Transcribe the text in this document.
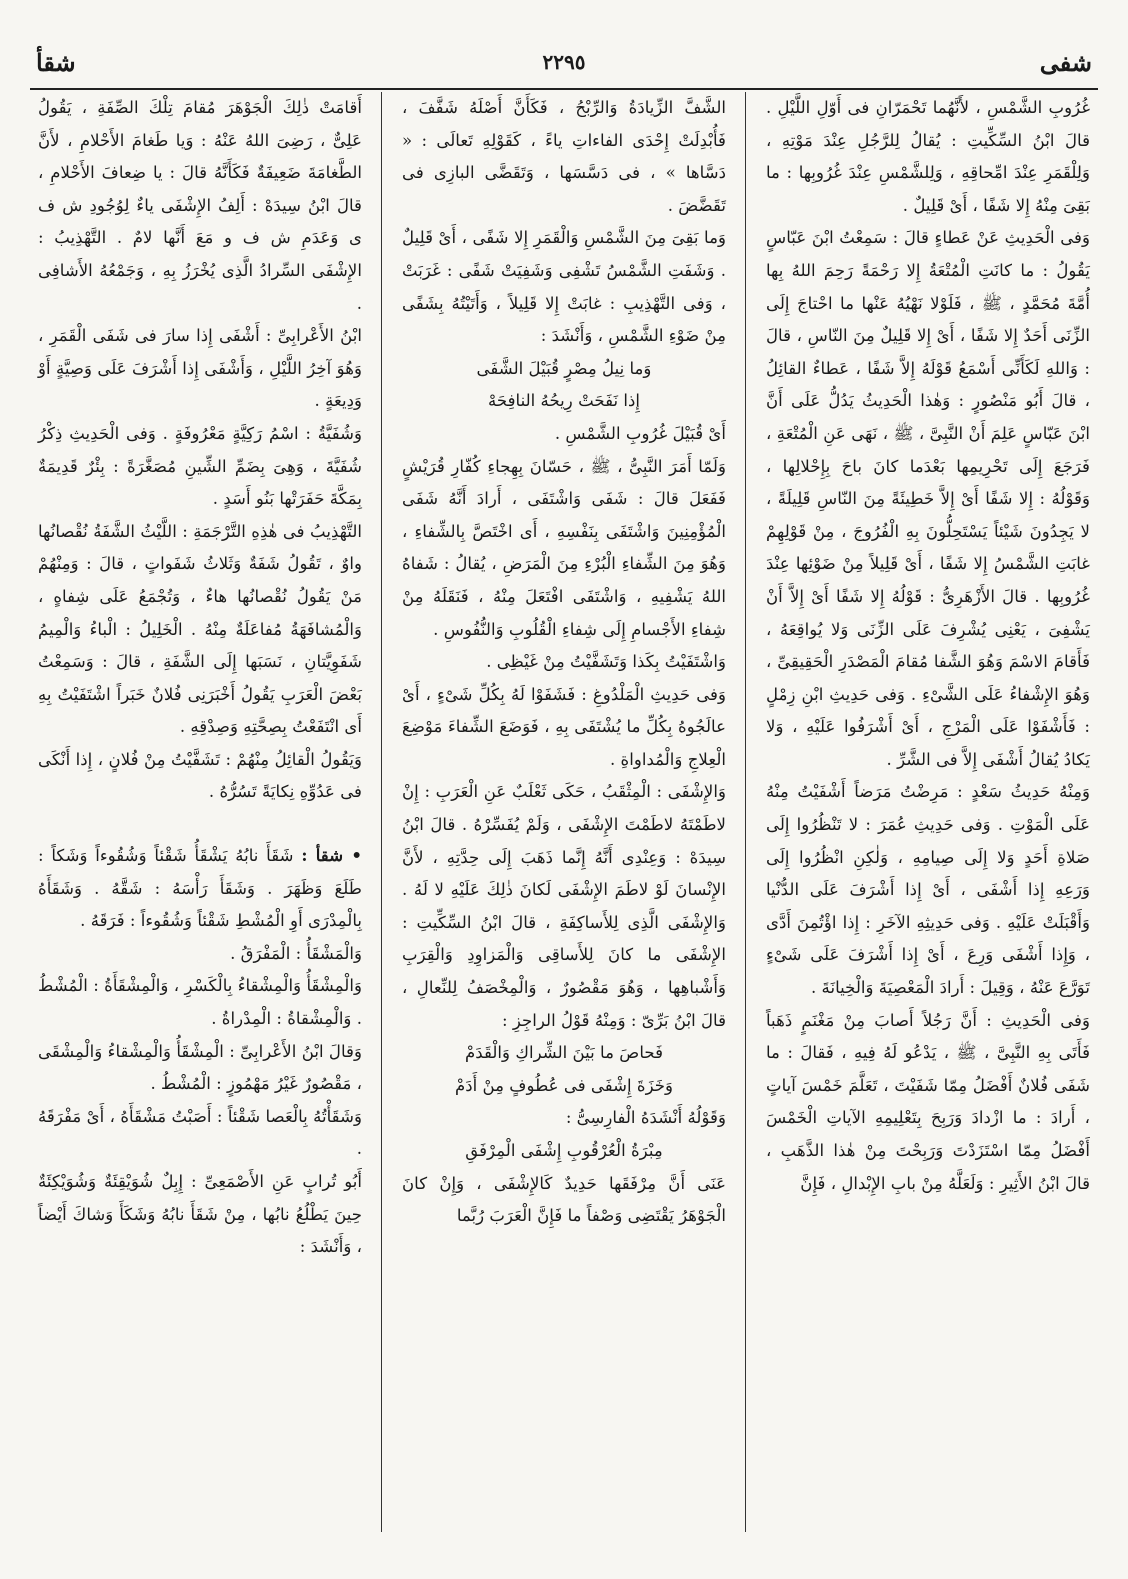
شفى
٢٢٩٥
شقأ

غُرُوبِ الشَّمْسِ ، لأَنَّهُما تَحْمَرّانِ فى أَوّلِ اللَّيْلِ . قالَ ابْنُ السِّكِّيتِ : يُقالُ لِلرَّجُلِ عِنْدَ مَوْتِهِ ، وَلِلْقَمَرِ عِنْدَ امِّحاقِهِ ، وَلِلشَّمْسِ عِنْدَ غُرُوبِها : ما بَقِىَ مِنْهُ إِلا شَفًا ، أَىْ قَلِيلٌ .

وَفى الْحَدِيثِ عَنْ عَطاءٍ قالَ : سَمِعْتُ ابْنَ عَبّاسٍ يَقُولُ : ما كانَتِ الْمُتْعَةُ إِلا رَحْمَةً رَحِمَ اللهُ بِها أُمَّةَ مُحَمَّدٍ ، ﷺ ، فَلَوْلا نَهْيُهُ عَنْها ما احْتاجَ إِلَى الزِّنَى أَحَدٌ إِلا شَفًا ، أَىْ إِلا قَلِيلٌ مِنَ النّاسِ ، قالَ : وَاللهِ لَكَأَنِّى أَسْمَعُ قَوْلَهُ إِلاَّ شَفًا ، عَطاءٌ القائِلُ ، قالَ أَبُو مَنْصُورٍ : وَهٰذا الْحَدِيثُ يَدُلُّ عَلَى أَنَّ ابْنَ عَبّاسٍ عَلِمَ أَنْ النَّبِىَّ ، ﷺ ، نَهَى عَنِ الْمُتْعَةِ ، فَرَجَعَ إِلَى تَحْرِيمِها بَعْدَما كانَ باحَ بِإِحْلالِها ، وَقَوْلُهُ : إِلا شَفًا أَىْ إِلاَّ خَطِيئَةً مِنَ النّاسِ قَلِيلَةً ، لا يَجِدُونَ شَيْئاً يَسْتَحِلُّونَ بِهِ الْفُرُوجَ ، مِنْ قَوْلِهِمْ غابَتِ الشَّمْسُ إِلا شَفًا ، أَىْ قَلِيلاً مِنْ ضَوْئِها عِنْدَ غُرُوبِها . قالَ الأَزْهَرِىُّ : قَوْلُهُ إِلا شَفًا أَىْ إِلاَّ أَنْ يَشْفِىَ ، يَعْنِى يُشْرِفَ عَلَى الزِّنَى وَلا يُواقِعَهُ ، فَأَقامَ الاسْمَ وَهُوَ الشَّفا مُقامَ الْمَصْدَرِ الْحَقِيقِىِّ ، وَهُوَ الإِشْفاءُ عَلَى الشَّىْءِ . وَفى حَدِيثِ ابْنِ زِمْلٍ : فَأَشْفَوْا عَلَى الْمَرْجِ ، أَىْ أَشْرَفُوا عَلَيْهِ ، وَلا يَكادُ يُقالُ أَشْفَى إِلاَّ فى الشَّرِّ .

وَمِنْهُ حَدِيثُ سَعْدٍ : مَرِضْتُ مَرَضاً أَشْفَيْتُ مِنْهُ عَلَى الْمَوْتِ . وَفى حَدِيثِ عُمَرَ : لا تَنْظُرُوا إِلَى صَلاةِ أَحَدٍ وَلا إِلَى صِيامِهِ ، وَلٰكِنِ انْظُرُوا إِلَى وَرَعِهِ إِذا أَشْفَى ، أَىْ إِذا أَشْرَفَ عَلَى الدُّنْيا وَأَقْبَلَتْ عَلَيْهِ . وَفى حَدِيثِهِ الآخَرِ : إِذا اؤْتُمِنَ أَدَّى ، وَإِذا أَشْفَى وَرِعَ ، أَىْ إِذا أَشْرَفَ عَلَى شَىْءٍ تَوَرَّعَ عَنْهُ ، وَقِيلَ : أَرادَ الْمَعْصِيَةَ وَالْخِيانَةَ .

وَفى الْحَدِيثِ : أَنَّ رَجُلاً أَصابَ مِنْ مَغْنَمٍ ذَهَباً فَأَتَى بِهِ النَّبِىَّ ، ﷺ ، يَدْعُو لَهُ فِيهِ ، فَقالَ : ما شَفَى فُلانٌ أَفْضَلُ مِمّا شَفَيْتَ ، تَعَلَّمَ خَمْسَ آياتٍ ، أَرادَ : ما ازْدادَ وَرَبِحَ بِتَعْلِيمِهِ الآياتِ الْخَمْسَ أَفْضَلُ مِمّا اسْتَزَدْتَ وَرَبِحْتَ مِنْ هٰذا الذَّهَبِ ، قالَ ابْنُ الأَثِيرِ : وَلَعَلَّهُ مِنْ بابِ الإِبْدالِ ، فَإِنَّ

الشَّفَّ الزِّيادَةُ وَالرِّبْحُ ، فَكَأَنَّ أَصْلَهُ شَفَّفَ ، فَأُبْدِلَتْ إِحْدَى الفاءاتِ ياءً ، كَقَوْلِهِ تَعالَى : « دَسَّاها » ، فى دَسَّسَها ، وَتَقَضَّى البازِى فى تَقَضَّضَ .

وَما بَقِىَ مِنَ الشَّمْسِ وَالْقَمَرِ إِلا شَفًى ، أَىْ قَلِيلٌ . وَشَفَتِ الشَّمْسُ تَشْفِى وَشَفِيَتْ شَفًى : غَرَبَتْ ، وَفى التَّهْذِيبِ : غابَتْ إِلا قَلِيلاً ، وَأَتَيْتُهُ بِشَفًى مِنْ ضَوْءِ الشَّمْسِ ، وَأَنْشَدَ :

وَما نِيلُ مِصْرٍ قُبَيْلَ الشَّفَى

إِذا نَفَحَتْ رِيحُهُ النافِحَهْ

أَىْ قُبَيْلَ غُرُوبِ الشَّمْسِ .

وَلَمّا أَمَرَ النَّبِىُّ ، ﷺ ، حَسّانَ بِهِجاءِ كُفّارِ قُرَيْشٍ فَفَعَلَ قالَ : شَفَى وَاشْتَفَى ، أَرادَ أَنَّهُ شَفَى الْمُؤْمِنِينَ وَاشْتَفَى بِنَفْسِهِ ، أَى اخْتَصَّ بِالشِّفاءِ ، وَهُوَ مِنَ الشِّفاءِ الْبُرْءِ مِنَ الْمَرَضِ ، يُقالُ : شَفاهُ اللهُ يَشْفِيهِ ، وَاشْتَفَى افْتَعَلَ مِنْهُ ، فَنَقَلَهُ مِنْ شِفاءِ الأَجْسامِ إِلَى شِفاءِ الْقُلُوبِ وَالنُّفُوسِ .

وَاشْتَفَيْتُ بِكَذا وَتَشَفَّيْتُ مِنْ غَيْظِى .

وَفى حَدِيثِ الْمَلْدُوغِ : فَشَفَوْا لَهُ بِكُلِّ شَىْءٍ ، أَىْ عالَجُوهُ بِكُلِّ ما يُشْتَفَى بِهِ ، فَوَضَعَ الشِّفاءَ مَوْضِعَ الْعِلاجِ وَالْمُداواةِ .

وَالإِشْفَى : الْمِثْقَبُ ، حَكَى ثَعْلَبٌ عَنِ الْعَرَبِ : إِنْ لاطَمْتَهُ لاطَمْتَ الإِشْفَى ، وَلَمْ يُفَسِّرْهُ . قالَ ابْنُ سِيدَهْ : وَعِنْدِى أَنَّهُ إِنَّما ذَهَبَ إِلَى حِدَّتِهِ ، لأَنَّ الإِنْسانَ لَوْ لاطَمَ الإِشْفَى لَكانَ ذٰلِكَ عَلَيْهِ لا لَهُ . وَالإِشْفَى الَّذِى لِلأَساكِفَةِ ، قالَ ابْنُ السِّكِّيتِ : الإِشْفَى ما كانَ لِلأَساقِى وَالْمَزاوِدِ وَالْقِرَبِ وَأَشْباهِها ، وَهُوَ مَقْصُورٌ ، وَالْمِخْصَفُ لِلنِّعالِ ، قالَ ابْنُ بَرِّىّ : وَمِنْهُ قَوْلُ الراجِزِ :

فَحاصَ ما بَيْنَ الشِّراكِ وَالْقَدَمْ

وَخَزَةَ إِشْفَى فى عُطُوفٍ مِنْ أَدَمْ

وَقَوْلُهُ أَنْشَدَهُ الْفارِسِىُّ :

مِبْرَةُ الْعُرْقُوبِ إِشْفَى الْمِرْفَقِ

عَنَى أَنَّ مِرْفَقَها حَدِيدٌ كَالإِشْفَى ، وَإِنْ كانَ الْجَوْهَرُ يَقْتَضِى وَصْفاً ما فَإِنَّ الْعَرَبَ رُبَّما

أَقامَتْ ذٰلِكَ الْجَوْهَرَ مُقامَ تِلْكَ الصِّفَةِ ، يَقُولُ عَلِىٌّ ، رَضِىَ اللهُ عَنْهُ : وَيا طَغامَ الأَحْلامِ ، لأَنَّ الطَّغامَةَ ضَعِيفَةٌ فَكَأَنَّهُ قالَ : يا ضِعافَ الأَحْلامِ ، قالَ ابْنُ سِيدَهْ : أَلِفُ الإِشْفَى ياءٌ لِوُجُودِ ش ف ى وَعَدَمِ ش ف و مَعَ أَنَّها لامٌ . التَّهْذِيبُ : الإِشْفَى السِّرادُ الَّذِى يُخْرَزُ بِهِ ، وَجَمْعُهُ الأَشافِى .

ابْنُ الأَعْرابِىِّ : أَشْفَى إِذا سارَ فى شَفَى الْقَمَرِ ، وَهُوَ آخِرُ اللَّيْلِ ، وَأَشْفَى إِذا أَشْرَفَ عَلَى وَصِيَّةٍ أَوْ وَدِيعَةٍ .

وَشُفَيَّةُ : اسْمُ رَكِيَّةٍ مَعْرُوفَةٍ . وَفى الْحَدِيثِ ذِكْرُ شُفَيَّةَ ، وَهِىَ بِضَمِّ الشِّينِ مُصَغَّرَةً : بِئْرٌ قَدِيمَةٌ بِمَكَّةَ حَفَرَتْها بَنُو أَسَدٍ .

التَّهْذِيبُ فى هٰذِهِ التَّرْجَمَةِ : اللَّيْثُ الشَّفَةُ نُقْصانُها واوٌ ، تَقُولُ شَفَةٌ وَثَلاثُ شَفَواتٍ ، قالَ : وَمِنْهُمْ مَنْ يَقُولُ نُقْصانُها هاءٌ ، وَتُجْمَعُ عَلَى شِفاهٍ ، وَالْمُشافَهَةُ مُفاعَلَةٌ مِنْهُ . الْخَلِيلُ : الْباءُ وَالْمِيمُ شَفَوِيَّتانِ ، نَسَبَها إِلَى الشَّفَةِ ، قالَ : وَسَمِعْتُ بَعْضَ الْعَرَبِ يَقُولُ أَخْبَرَنِى فُلانٌ خَبَراً اشْتَفَيْتُ بِهِ أَى انْتَفَعْتُ بِصِحَّتِهِ وَصِدْقِهِ .

وَيَقُولُ الْقائِلُ مِنْهُمْ : تَشَفَّيْتُ مِنْ فُلانٍ ، إِذا أَنْكَى فى عَدُوِّهِ نِكايَةً تَسُرُّهُ .

• شقأ : شَقَأَ نابُهُ يَشْقَأُ شَقْئاً وَشُقُوءاً وَشَكاً : طَلَعَ وَظَهَرَ . وَشَقَأَ رَأْسَهُ : شَقَّهُ . وَشَقَأَهُ بِالْمِدْرَى أَوِ الْمُشْطِ شَقْئاً وَشُقُوءاً : فَرَقَهُ .

وَالْمَشْقَأُ : الْمَفْرَقُ .

وَالْمِشْقَأُ وَالْمِشْقاءُ بِالْكَسْرِ ، وَالْمِشْقَأَةُ : الْمُشْطُ . وَالْمِشْقاةُ : الْمِدْراةُ .

وَقالَ ابْنُ الأَعْرابِىِّ : الْمِشْقَأُ وَالْمِشْقاءُ وَالْمِشْقَى ، مَقْصُورٌ غَيْرُ مَهْمُوزٍ : الْمُشْطُ .

وَشَقَأْتُهُ بِالْعَصا شَقْئاً : أَصَبْتُ مَشْقَأَهُ ، أَىْ مَفْرَقَهُ .

أَبُو تُرابٍ عَنِ الأَصْمَعِىِّ : إِبِلٌ شُوَيْقِئَةٌ وَشُوَيْكِئَةٌ حِينَ يَطْلُعُ نابُها ، مِنْ شَقَأَ نابُهُ وَشَكَأَ وَشاكَ أَيْضاً ، وَأَنْشَدَ :
